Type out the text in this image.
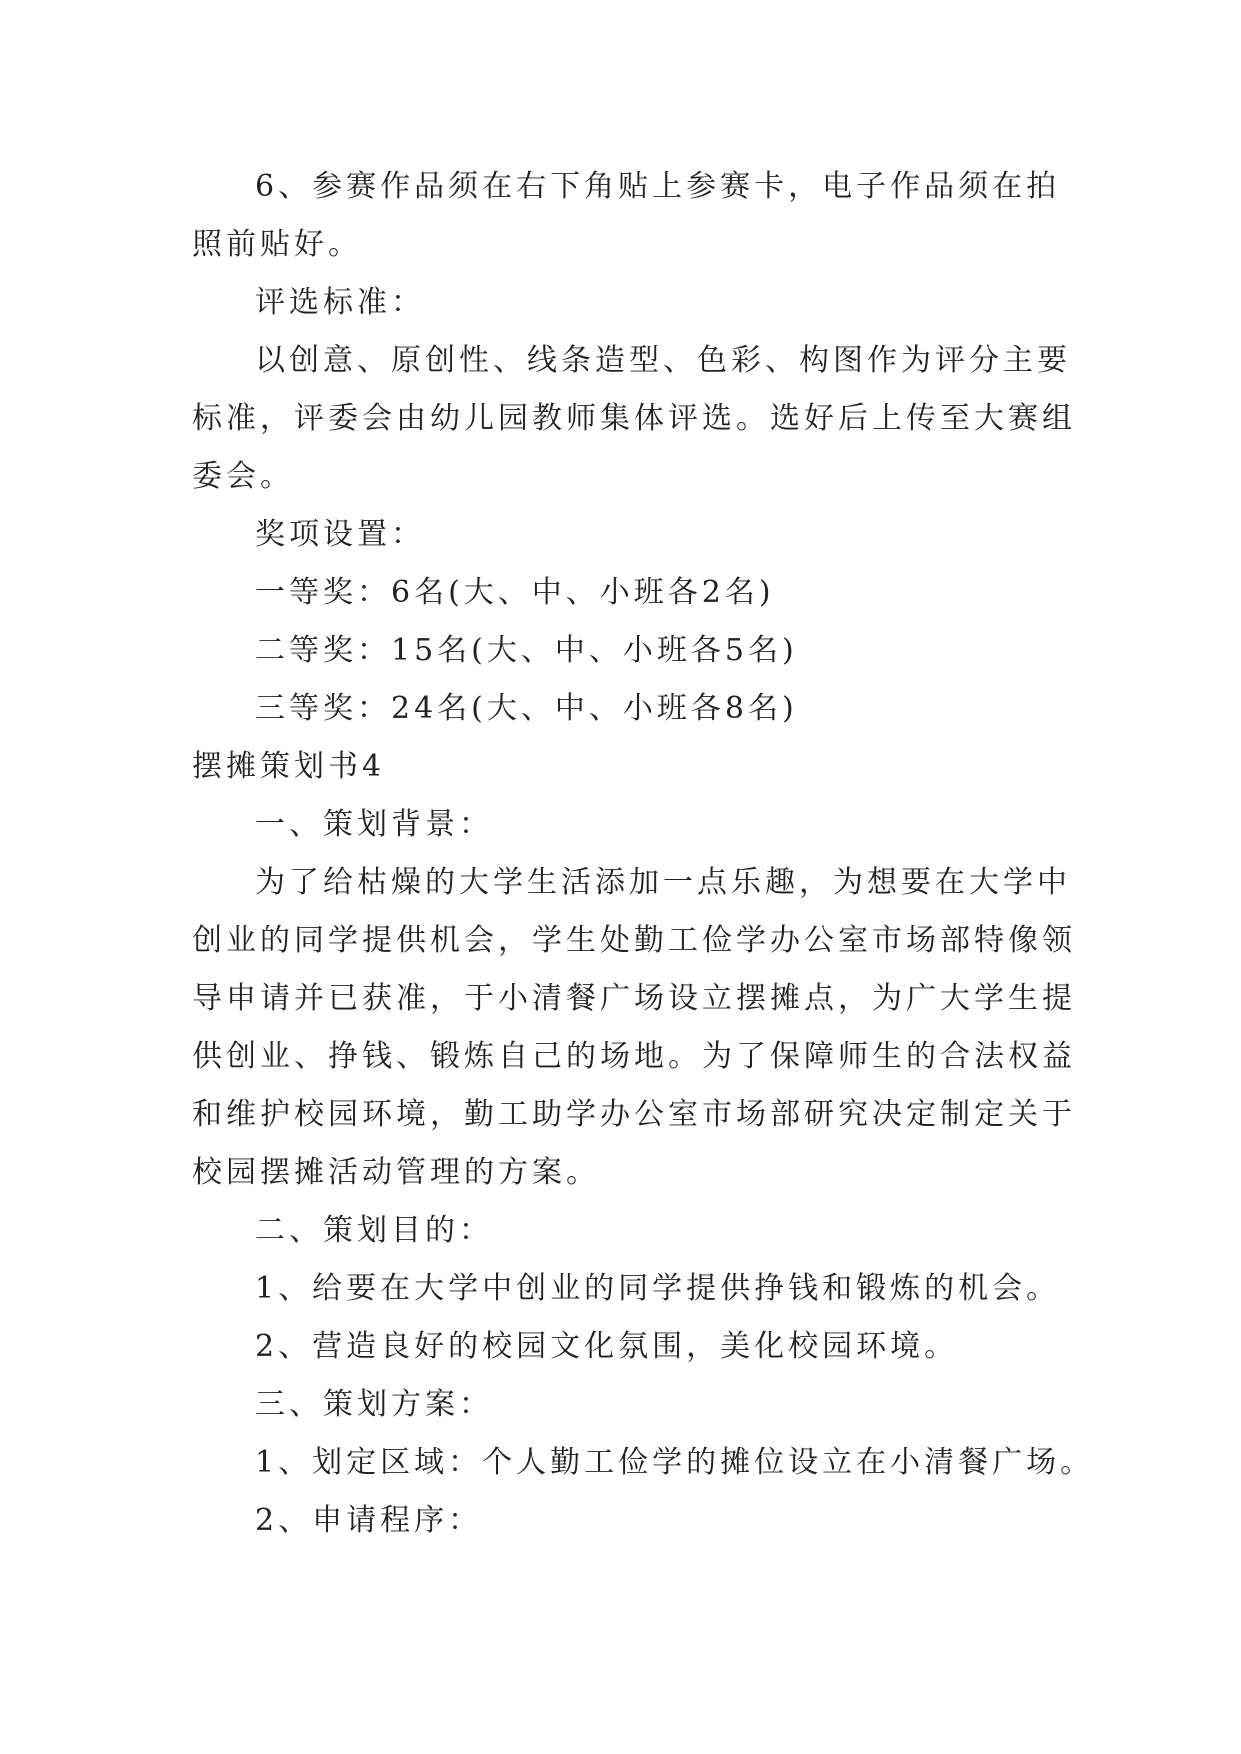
6、参赛作品须在右下角贴上参赛卡，电子作品须在拍

照前贴好。

评选标准：

以创意、原创性、线条造型、色彩、构图作为评分主要

标准，评委会由幼儿园教师集体评选。选好后上传至大赛组

委会。

奖项设置：

一等奖：6名(大、中、小班各2名)

二等奖：15名(大、中、小班各5名)

三等奖：24名(大、中、小班各8名)

摆摊策划书4

一、策划背景：

为了给枯燥的大学生活添加一点乐趣，为想要在大学中

创业的同学提供机会，学生处勤工俭学办公室市场部特像领

导申请并已获准，于小清餐广场设立摆摊点，为广大学生提

供创业、挣钱、锻炼自己的场地。为了保障师生的合法权益

和维护校园环境，勤工助学办公室市场部研究决定制定关于

校园摆摊活动管理的方案。

二、策划目的：

1、给要在大学中创业的同学提供挣钱和锻炼的机会。

2、营造良好的校园文化氛围，美化校园环境。

三、策划方案：

1、划定区域：个人勤工俭学的摊位设立在小清餐广场。

2、申请程序：
